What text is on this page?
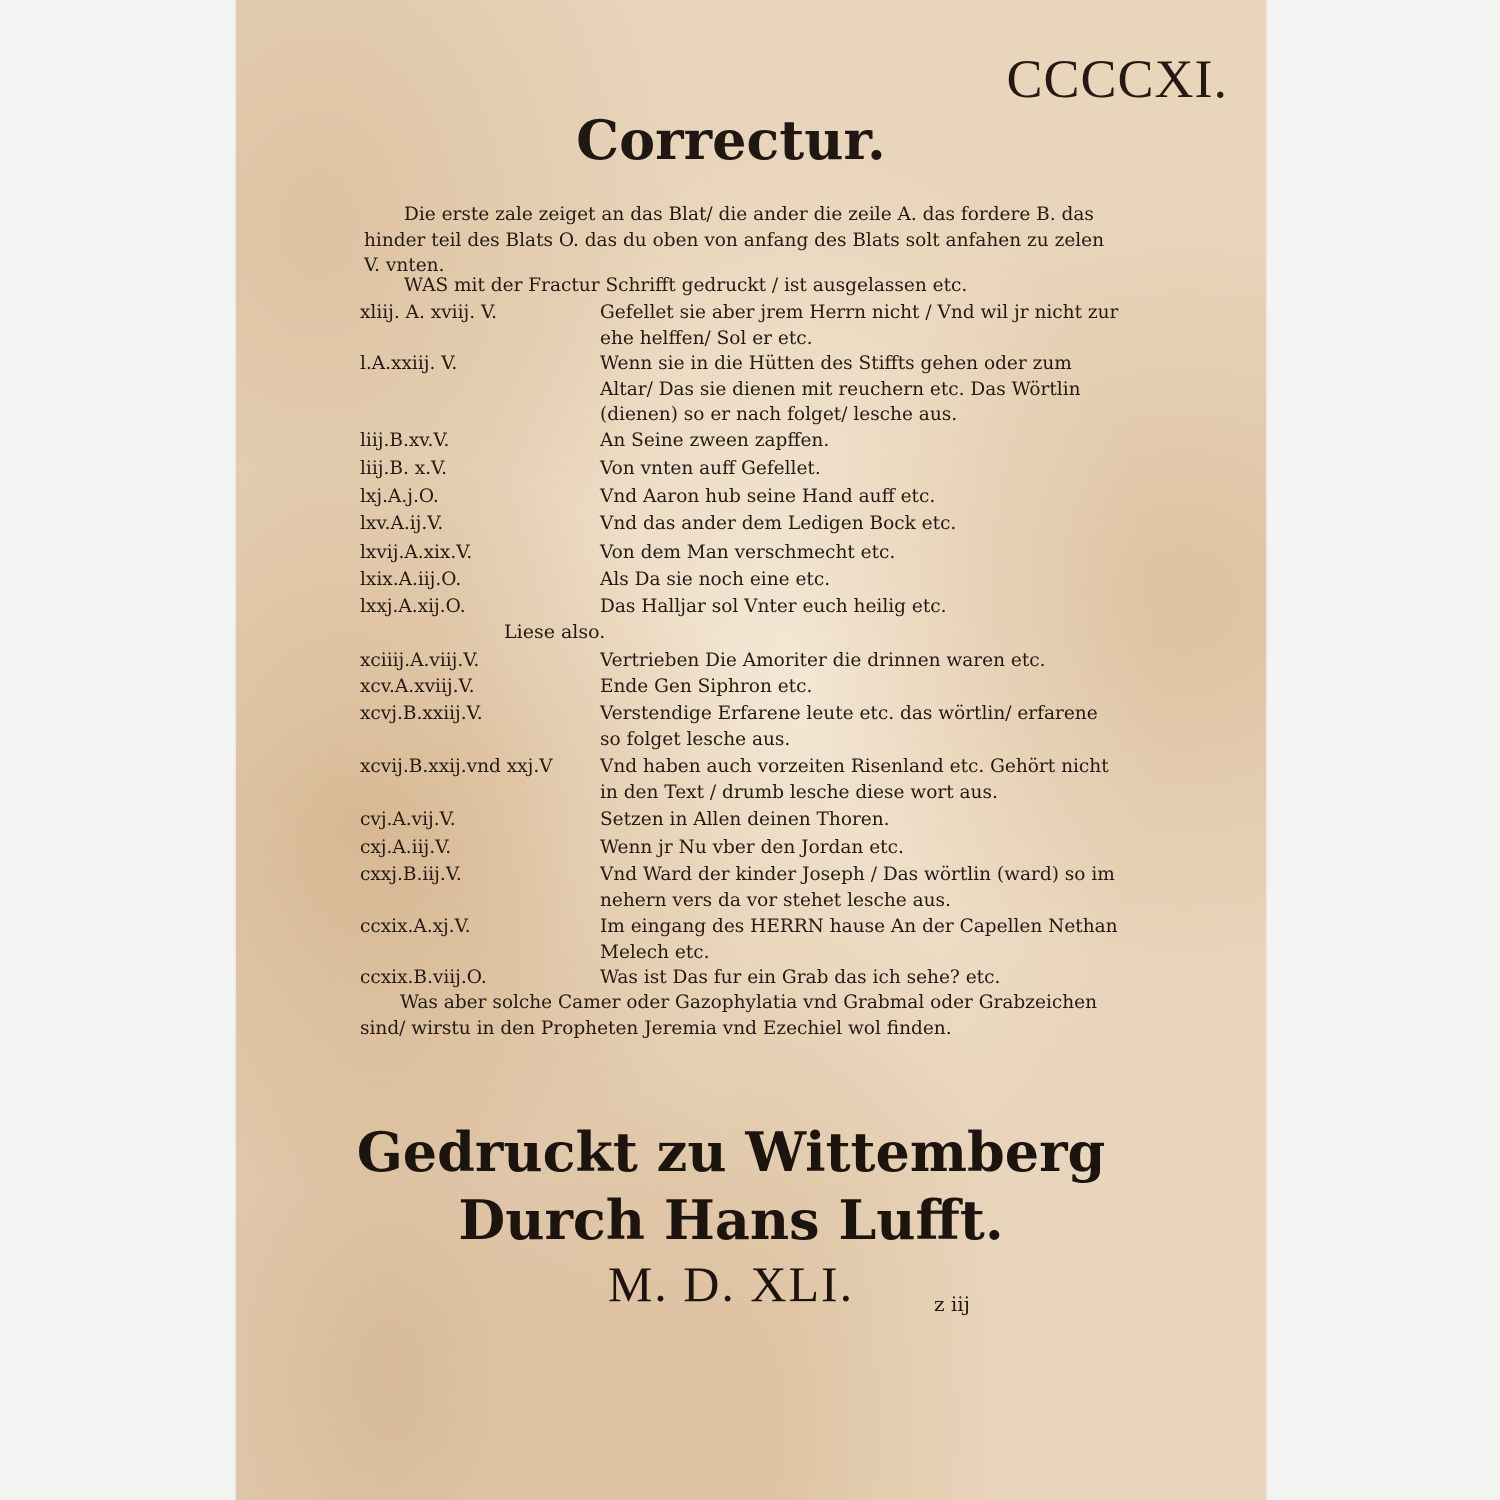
CCCCXI.

Correctur.

Die erste zale zeiget an das Blat/ die ander die zeile A. das fordere B. das hinder teil des Blats O. das du oben von anfang des Blats solt anfahen zu zelen V. vnten.

WAS mit der Fractur Schrifft gedruckt / ist ausgelassen etc.

xliij. A. xviij. V.	Gefellet sie aber jrem Herrn nicht / Vnd wil jr nicht zur ehe helffen/ Sol er etc.
l.A.xxiij. V.	Wenn sie in die Hütten des Stiffts gehen oder zum Altar/ Das sie dienen mit reuchern etc. Das Wörtlin (dienen) so er nach folget/ lesche aus.
liij.B.xv.V.	An Seine zween zapffen.
liij.B. x.V.	Von vnten auff Gefellet.
lxj.A.j.O.	Vnd Aaron hub seine Hand auff etc.
lxv.A.ij.V.	Vnd das ander dem Ledigen Bock etc.
lxvij.A.xix.V.	Von dem Man verschmecht etc.
lxix.A.iij.O.	Als Da sie noch eine etc.
lxxj.A.xij.O.	Das Halljar sol Vnter euch heilig etc.
xciiij.A.viij.V.	Vertrieben Die Amoriter die drinnen waren etc.
xcv.A.xviij.V.	Ende Gen Siphron etc.
xcvj.B.xxiij.V.	Verstendige Erfarene leute etc. das wörtlin/ erfarene so folget lesche aus.
xcvij.B.xxij.vnd xxj.V	Vnd haben auch vorzeiten Risenland etc. Gehört nicht in den Text / drumb lesche diese wort aus.
cvj.A.vij.V.	Setzen in Allen deinen Thoren.
cxj.A.iij.V.	Wenn jr Nu vber den Jordan etc.
cxxj.B.iij.V.	Vnd Ward der kinder Joseph / Das wörtlin (ward) so im nehern vers da vor stehet lesche aus.
ccxix.A.xj.V.	Im eingang des HERRN hause An der Capellen Nethan Melech etc.
ccxix.B.viij.O.	Was ist Das fur ein Grab das ich sehe? etc.

Liese also.

Was aber solche Camer oder Gazophylatia vnd Grabmal oder Grabzeichen sind/ wirstu in den Propheten Jeremia vnd Ezechiel wol finden.

Gedruckt zu Wittemberg
Durch Hans Lufft.
M. D. XLI.	z iij
